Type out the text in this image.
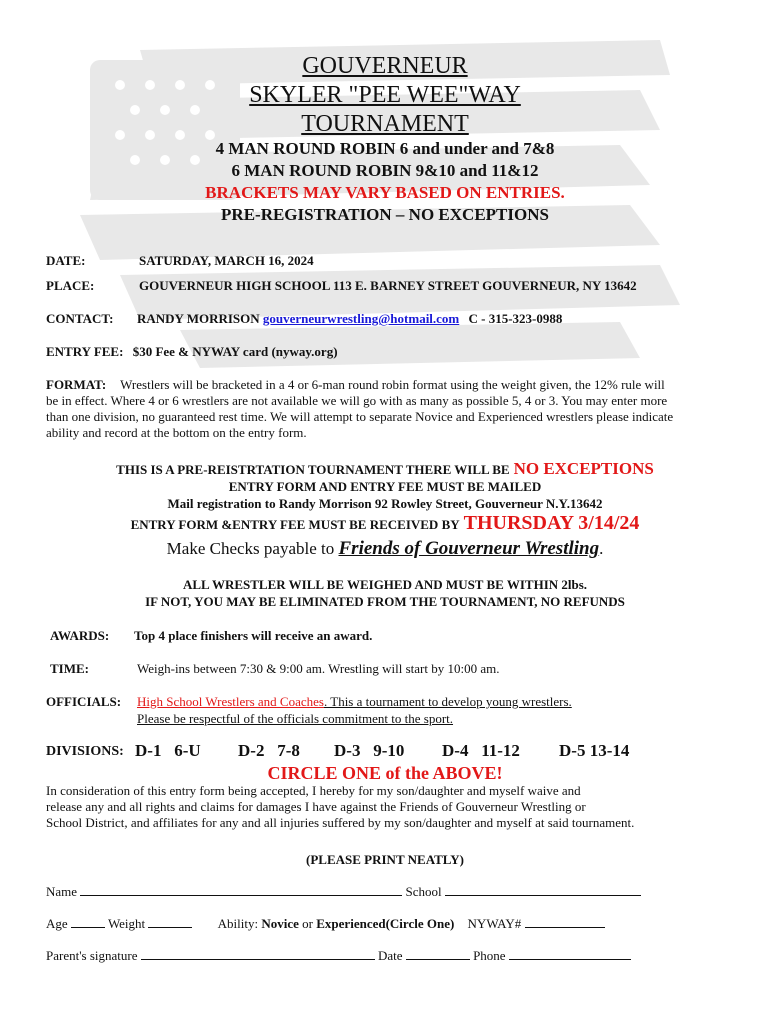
GOUVERNEUR
SKYLER "PEE WEE"WAY
TOURNAMENT
4 MAN ROUND ROBIN 6 and under and 7&8
6 MAN ROUND ROBIN 9&10 and 11&12
BRACKETS MAY VARY BASED ON ENTRIES.
PRE-REGISTRATION – NO EXCEPTIONS
DATE:	SATURDAY, MARCH 16, 2024
PLACE:	GOUVERNEUR HIGH SCHOOL 113 E. BARNEY STREET GOUVERNEUR, NY 13642
CONTACT: RANDY MORRISON gouverneurwrestling@hotmail.com C - 315-323-0988
ENTRY FEE: $30 Fee & NYWAY card (nyway.org)
FORMAT: Wrestlers will be bracketed in a 4 or 6-man round robin format using the weight given, the 12% rule will
be in effect. Where 4 or 6 wrestlers are not available we will go with as many as possible 5, 4 or 3. You may enter more
than one division, no guaranteed rest time. We will attempt to separate Novice and Experienced wrestlers please indicate
ability and record at the bottom on the entry form.
THIS IS A PRE-REISTRTATION TOURNAMENT THERE WILL BE NO EXCEPTIONS
ENTRY FORM AND ENTRY FEE MUST BE MAILED
Mail registration to Randy Morrison 92 Rowley Street, Gouverneur N.Y.13642
ENTRY FORM &ENTRY FEE MUST BE RECEIVED BY THURSDAY 3/14/24
Make Checks payable to Friends of Gouverneur Wrestling.
ALL WRESTLER WILL BE WEIGHED AND MUST BE WITHIN 2lbs.
IF NOT, YOU MAY BE ELIMINATED FROM THE TOURNAMENT, NO REFUNDS
AWARDS: Top 4 place finishers will receive an award.
TIME:	Weigh-ins between 7:30 & 9:00 am. Wrestling will start by 10:00 am.
OFFICIALS: High School Wrestlers and Coaches. This a tournament to develop young wrestlers.
Please be respectful of the officials commitment to the sport.
DIVISIONS: D-1   6-U D-2   7-8 D-3   9-10 D-4   11-12 D-5 13-14
CIRCLE ONE of the ABOVE!
In consideration of this entry form being accepted, I hereby for my son/daughter and myself waive and
release any and all rights and claims for damages I have against the Friends of Gouverneur Wrestling or
School District, and affiliates for any and all injuries suffered by my son/daughter and myself at said tournament.
(PLEASE PRINT NEATLY)
Name	School
Age	Weight	Ability: Novice or Experienced(Circle One) NYWAY#
Parent's signature	Date	Phone
